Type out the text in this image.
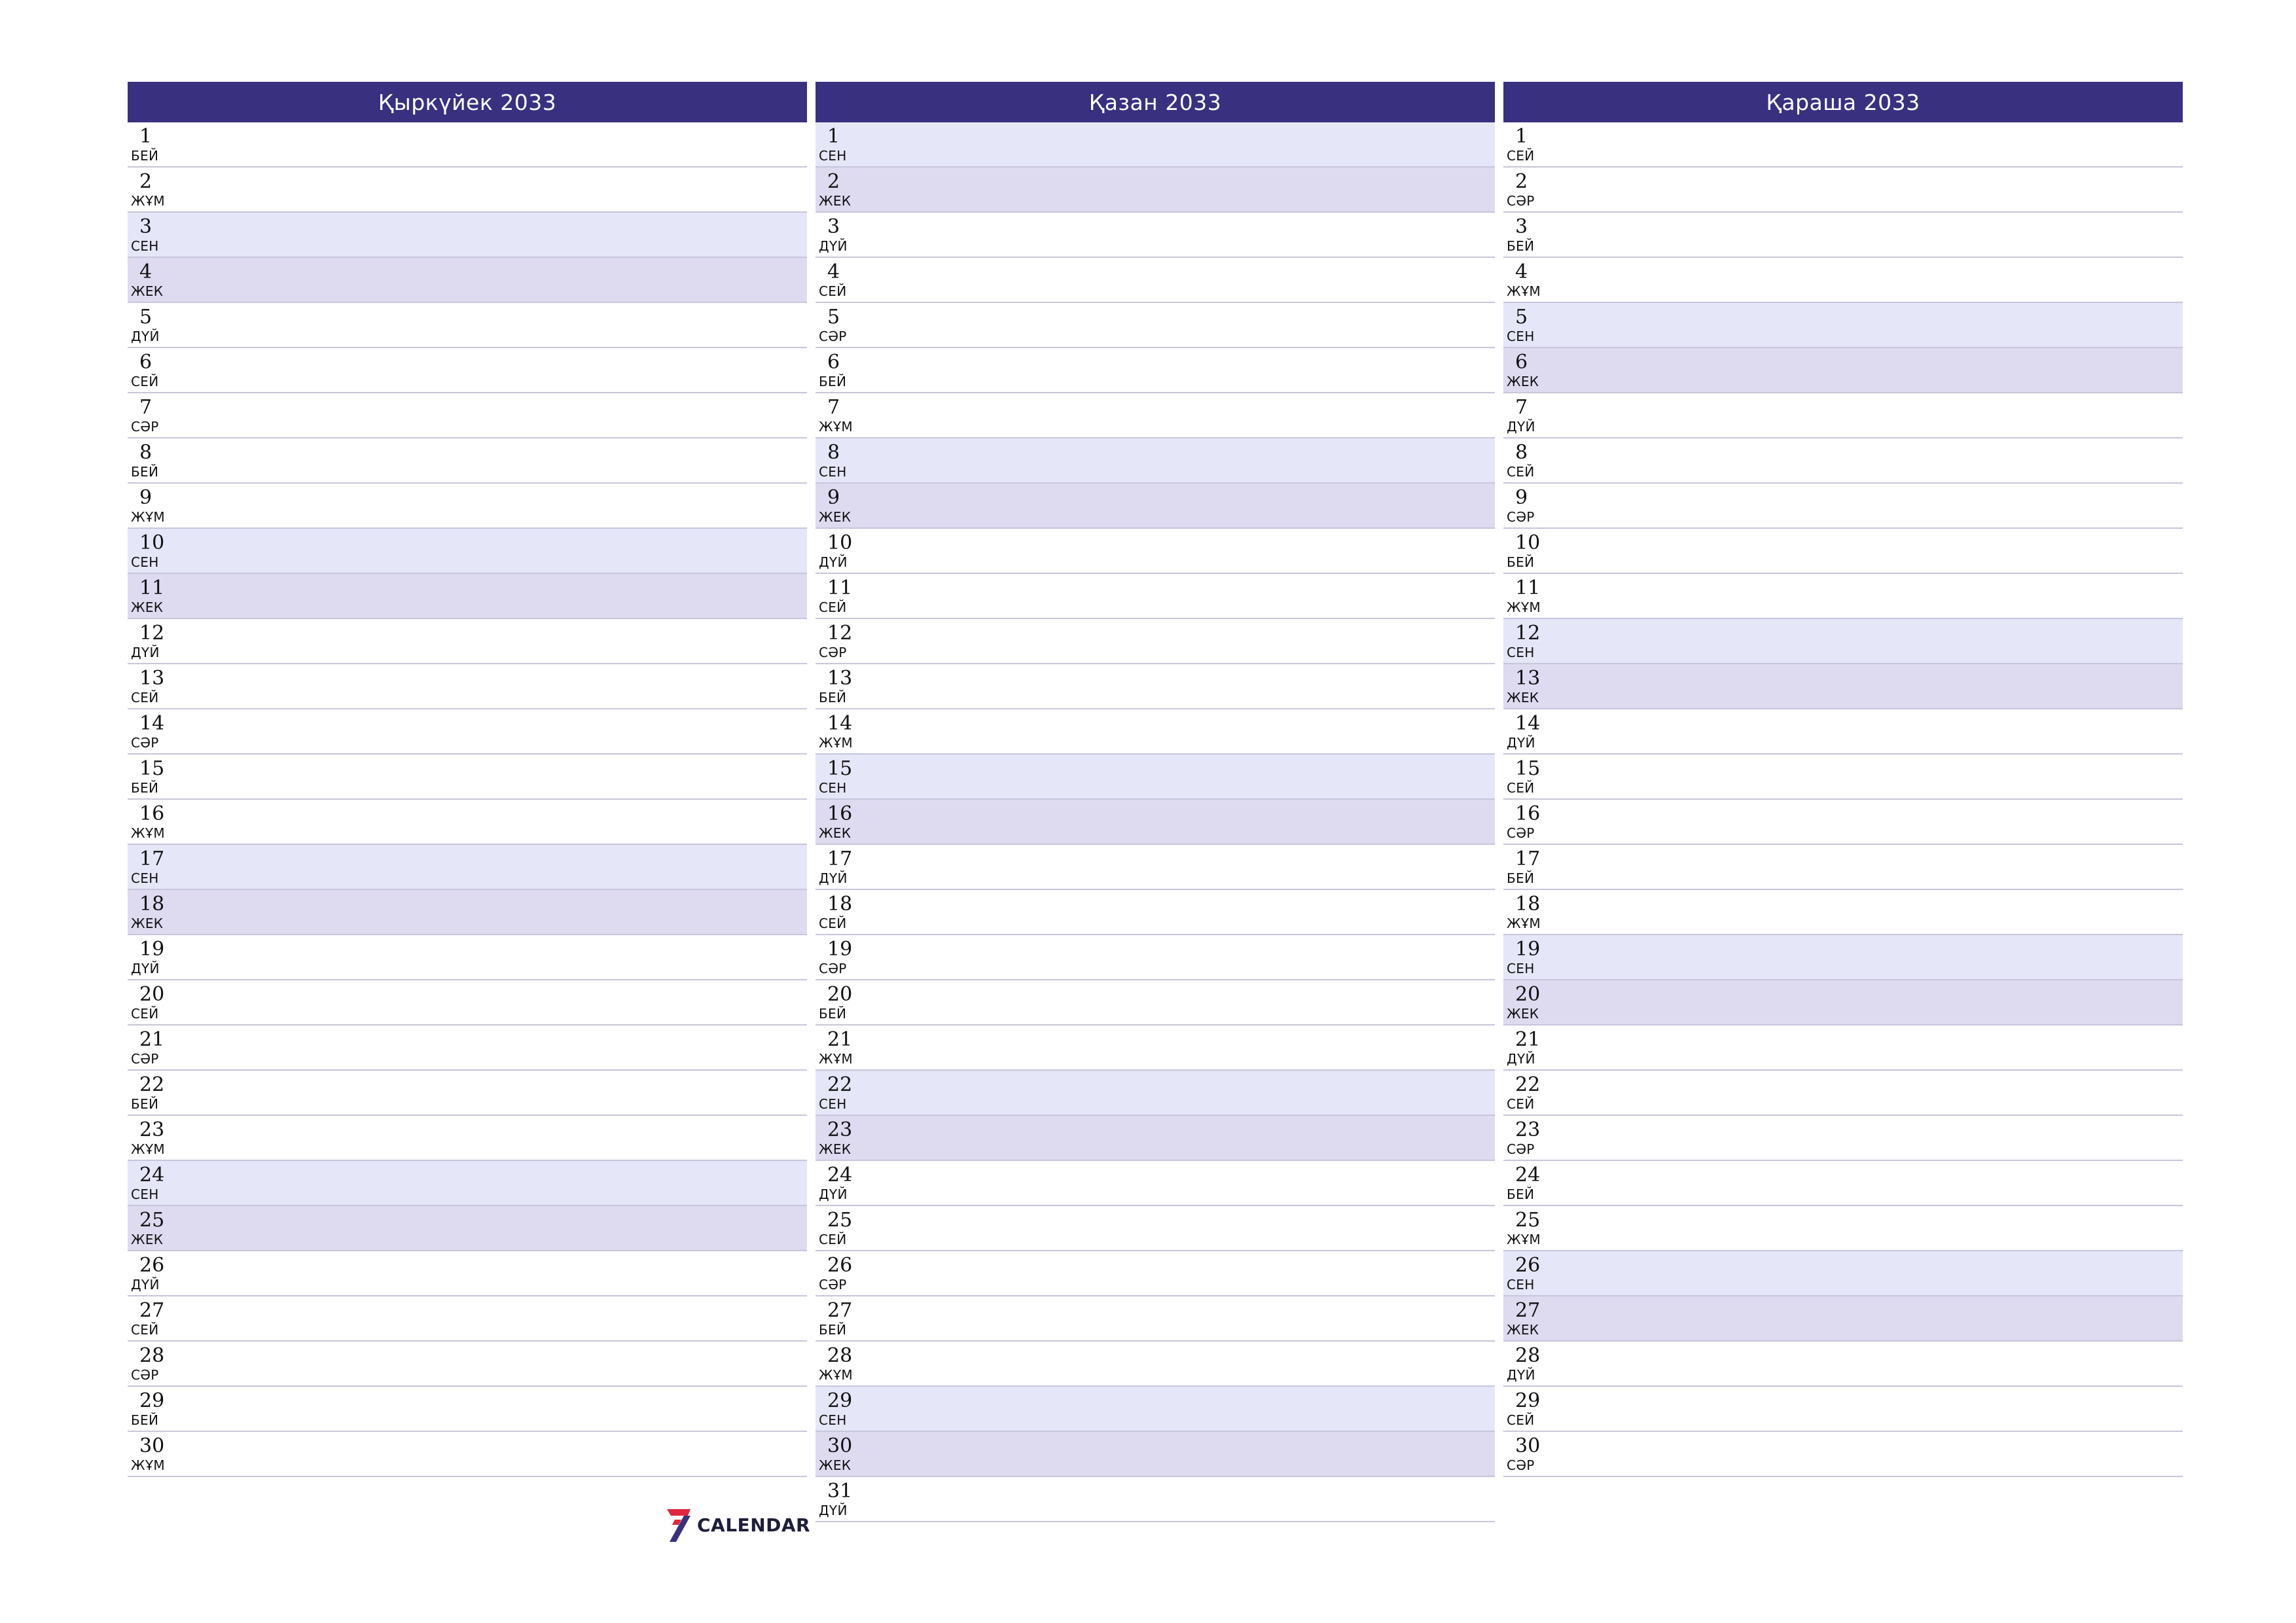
Қыркүйек 2033
1
БЕЙ
2
ЖҰМ
3
СЕН
4
ЖЕК
5
ДҮЙ
6
СЕЙ
7
СӘР
8
БЕЙ
9
ЖҰМ
10
СЕН
11
ЖЕК
12
ДҮЙ
13
СЕЙ
14
СӘР
15
БЕЙ
16
ЖҰМ
17
СЕН
18
ЖЕК
19
ДҮЙ
20
СЕЙ
21
СӘР
22
БЕЙ
23
ЖҰМ
24
СЕН
25
ЖЕК
26
ДҮЙ
27
СЕЙ
28
СӘР
29
БЕЙ
30
ЖҰМ
Қазан 2033
1
СЕН
2
ЖЕК
3
ДҮЙ
4
СЕЙ
5
СӘР
6
БЕЙ
7
ЖҰМ
8
СЕН
9
ЖЕК
10
ДҮЙ
11
СЕЙ
12
СӘР
13
БЕЙ
14
ЖҰМ
15
СЕН
16
ЖЕК
17
ДҮЙ
18
СЕЙ
19
СӘР
20
БЕЙ
21
ЖҰМ
22
СЕН
23
ЖЕК
24
ДҮЙ
25
СЕЙ
26
СӘР
27
БЕЙ
28
ЖҰМ
29
СЕН
30
ЖЕК
31
ДҮЙ
Қараша 2033
1
СЕЙ
2
СӘР
3
БЕЙ
4
ЖҰМ
5
СЕН
6
ЖЕК
7
ДҮЙ
8
СЕЙ
9
СӘР
10
БЕЙ
11
ЖҰМ
12
СЕН
13
ЖЕК
14
ДҮЙ
15
СЕЙ
16
СӘР
17
БЕЙ
18
ЖҰМ
19
СЕН
20
ЖЕК
21
ДҮЙ
22
СЕЙ
23
СӘР
24
БЕЙ
25
ЖҰМ
26
СЕН
27
ЖЕК
28
ДҮЙ
29
СЕЙ
30
СӘР
CALENDAR
